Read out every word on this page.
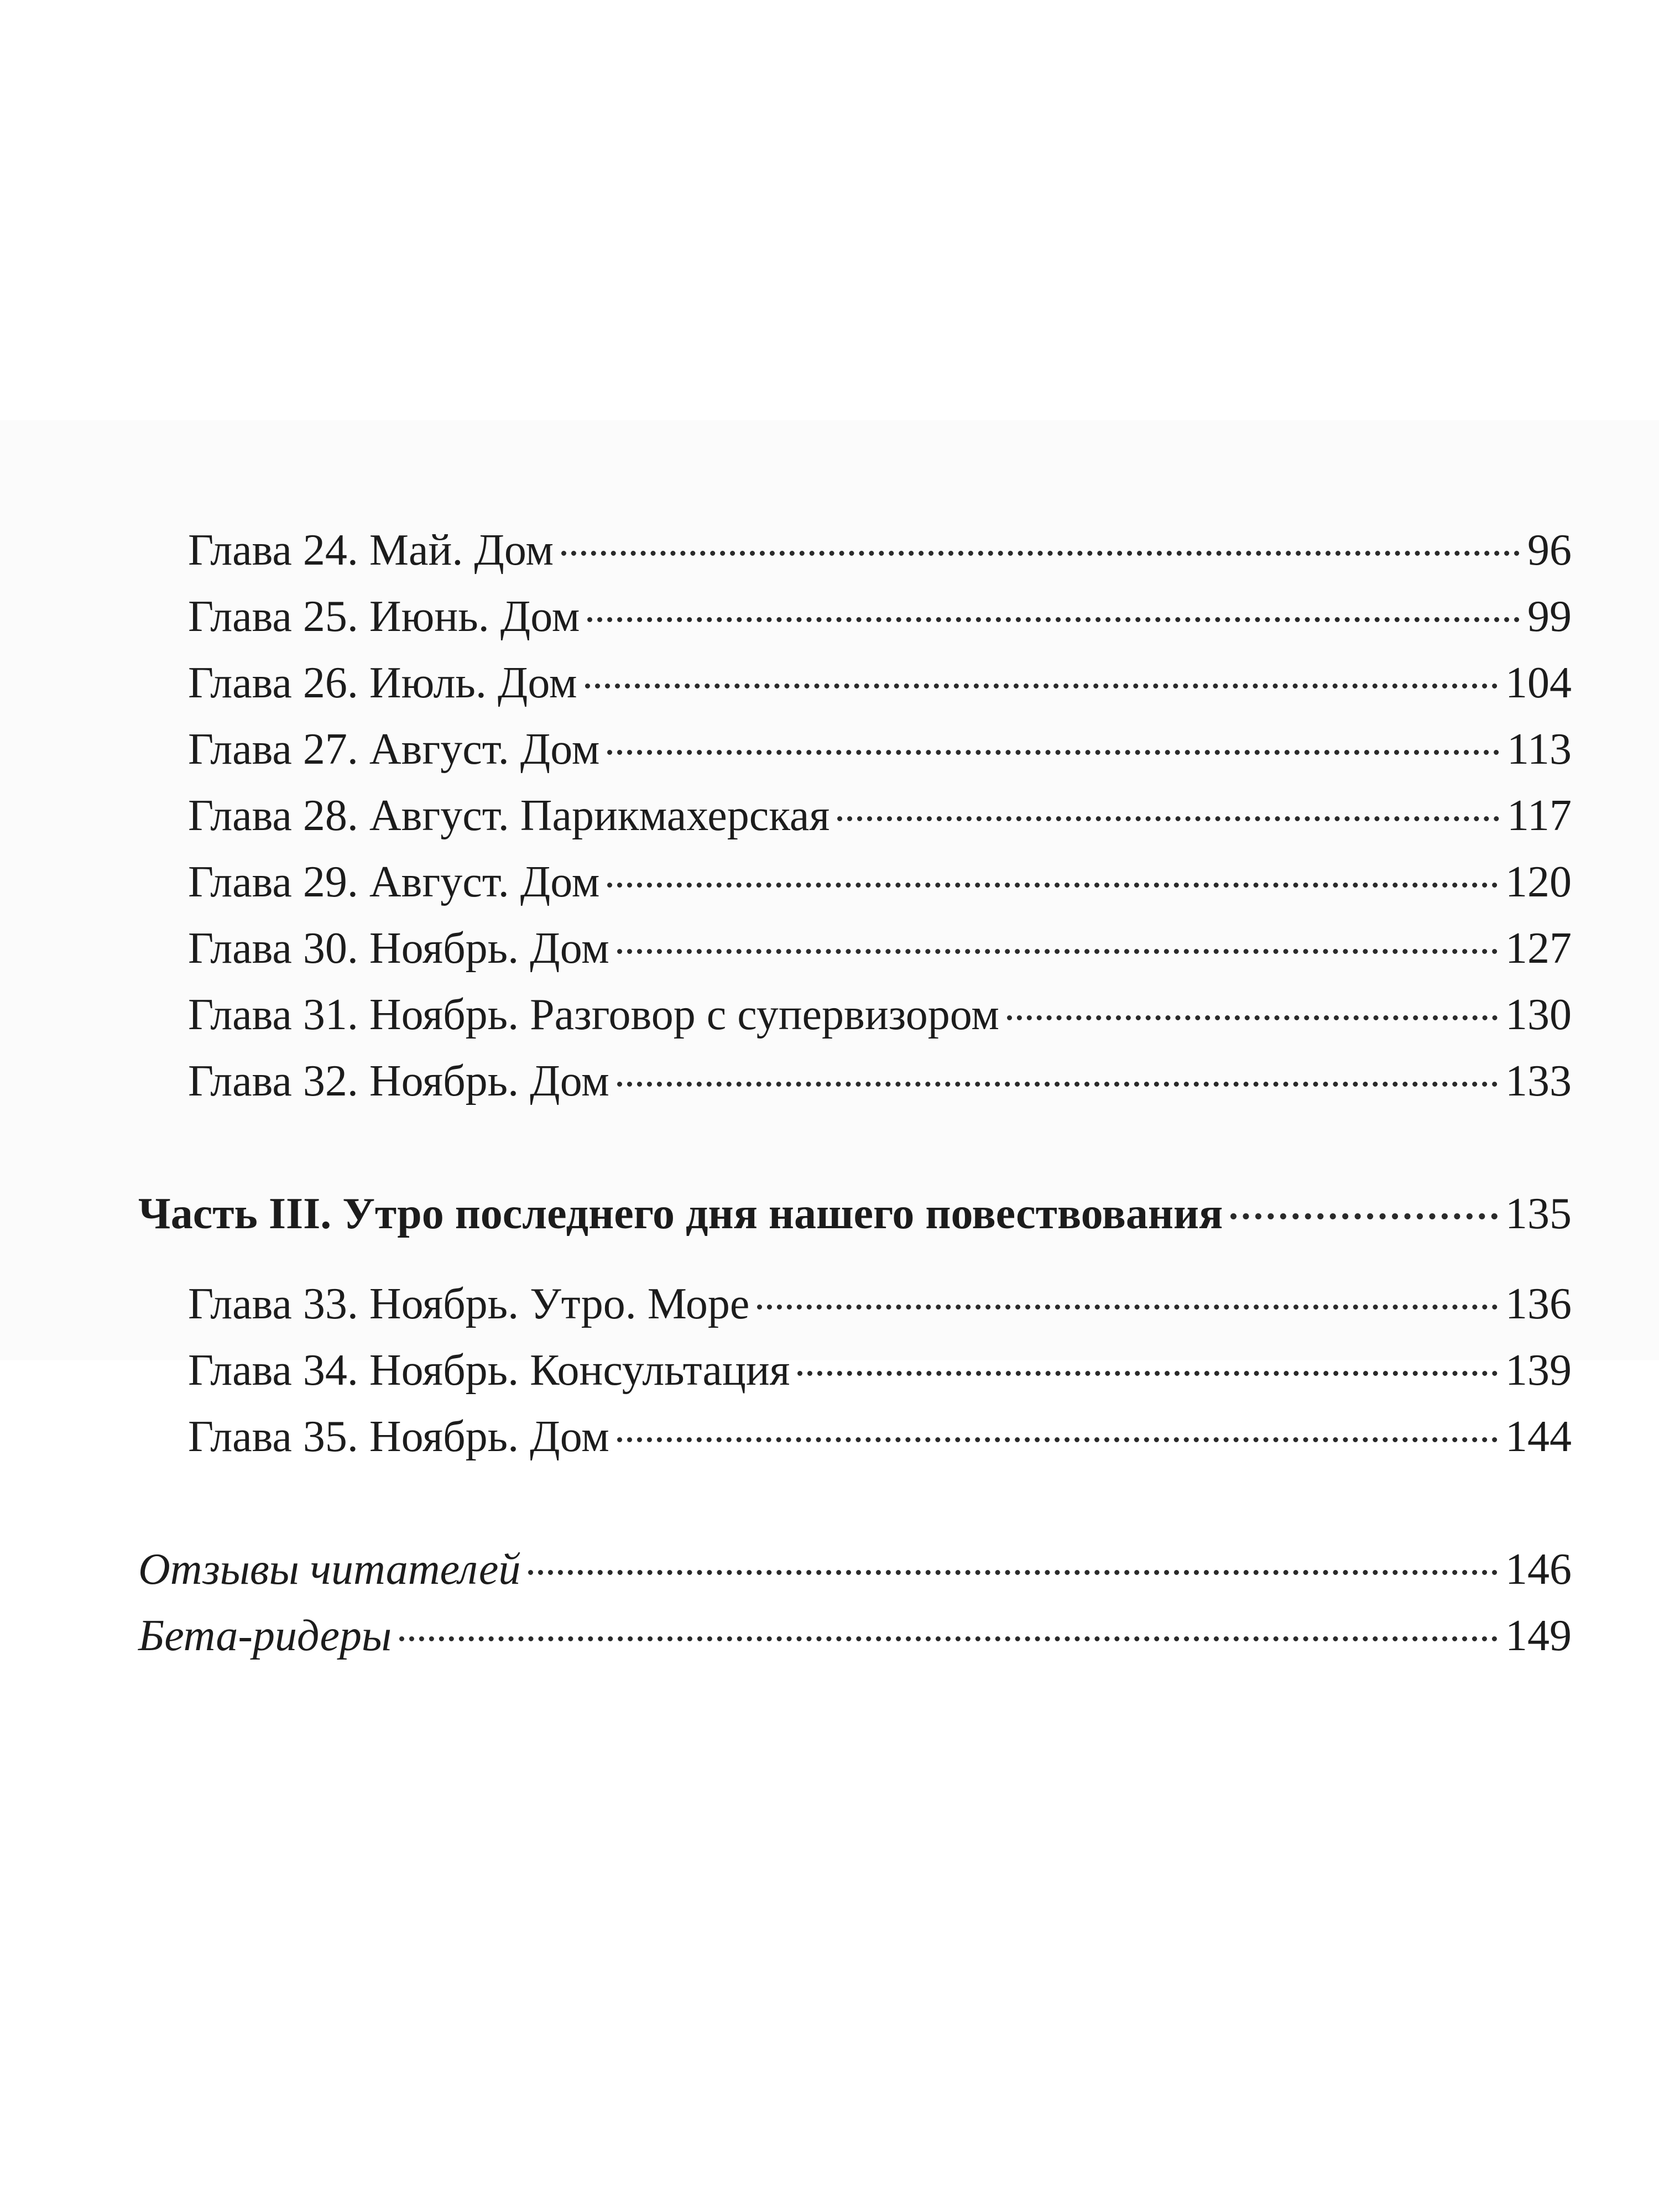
Глава 24. Май. Дом	96
Глава 25. Июнь. Дом	99
Глава 26. Июль. Дом	104
Глава 27. Август. Дом	113
Глава 28. Август. Парикмахерская	117
Глава 29. Август. Дом	120
Глава 30. Ноябрь. Дом	127
Глава 31. Ноябрь. Разговор с супервизором	130
Глава 32. Ноябрь. Дом	133
Часть III. Утро последнего дня нашего повествования	135
Глава 33. Ноябрь. Утро. Море	136
Глава 34. Ноябрь. Консультация	139
Глава 35. Ноябрь. Дом	144
Отзывы читателей	146
Бета-ридеры	149
